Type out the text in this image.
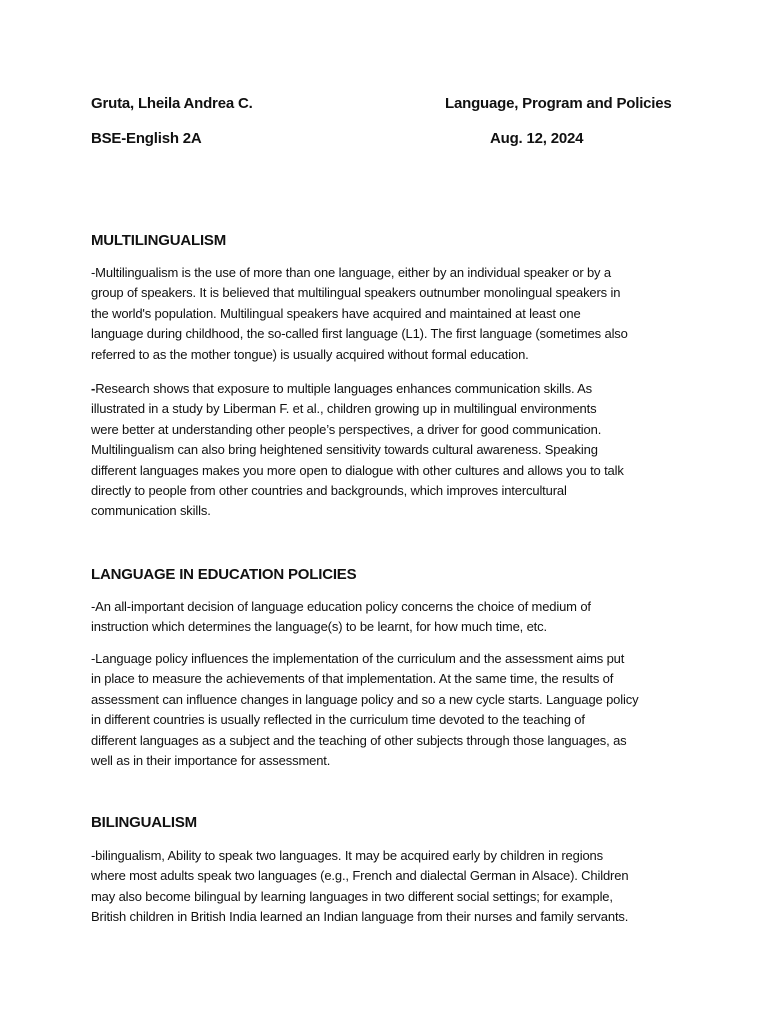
Gruta, Lheila Andrea C.	Language, Program and Policies
BSE-English 2A	Aug. 12, 2024
MULTILINGUALISM
-Multilingualism is the use of more than one language, either by an individual speaker or by a
group of speakers. It is believed that multilingual speakers outnumber monolingual speakers in
the world's population. Multilingual speakers have acquired and maintained at least one
language during childhood, the so-called first language (L1). The first language (sometimes also
referred to as the mother tongue) is usually acquired without formal education.
-Research shows that exposure to multiple languages enhances communication skills. As
illustrated in a study by Liberman F. et al., children growing up in multilingual environments
were better at understanding other people’s perspectives, a driver for good communication.
Multilingualism can also bring heightened sensitivity towards cultural awareness. Speaking
different languages makes you more open to dialogue with other cultures and allows you to talk
directly to people from other countries and backgrounds, which improves intercultural
communication skills.
LANGUAGE IN EDUCATION POLICIES
-An all-important decision of language education policy concerns the choice of medium of
instruction which determines the language(s) to be learnt, for how much time, etc.
-Language policy influences the implementation of the curriculum and the assessment aims put
in place to measure the achievements of that implementation. At the same time, the results of
assessment can influence changes in language policy and so a new cycle starts. Language policy
in different countries is usually reflected in the curriculum time devoted to the teaching of
different languages as a subject and the teaching of other subjects through those languages, as
well as in their importance for assessment.
BILINGUALISM
-bilingualism, Ability to speak two languages. It may be acquired early by children in regions
where most adults speak two languages (e.g., French and dialectal German in Alsace). Children
may also become bilingual by learning languages in two different social settings; for example,
British children in British India learned an Indian language from their nurses and family servants.
